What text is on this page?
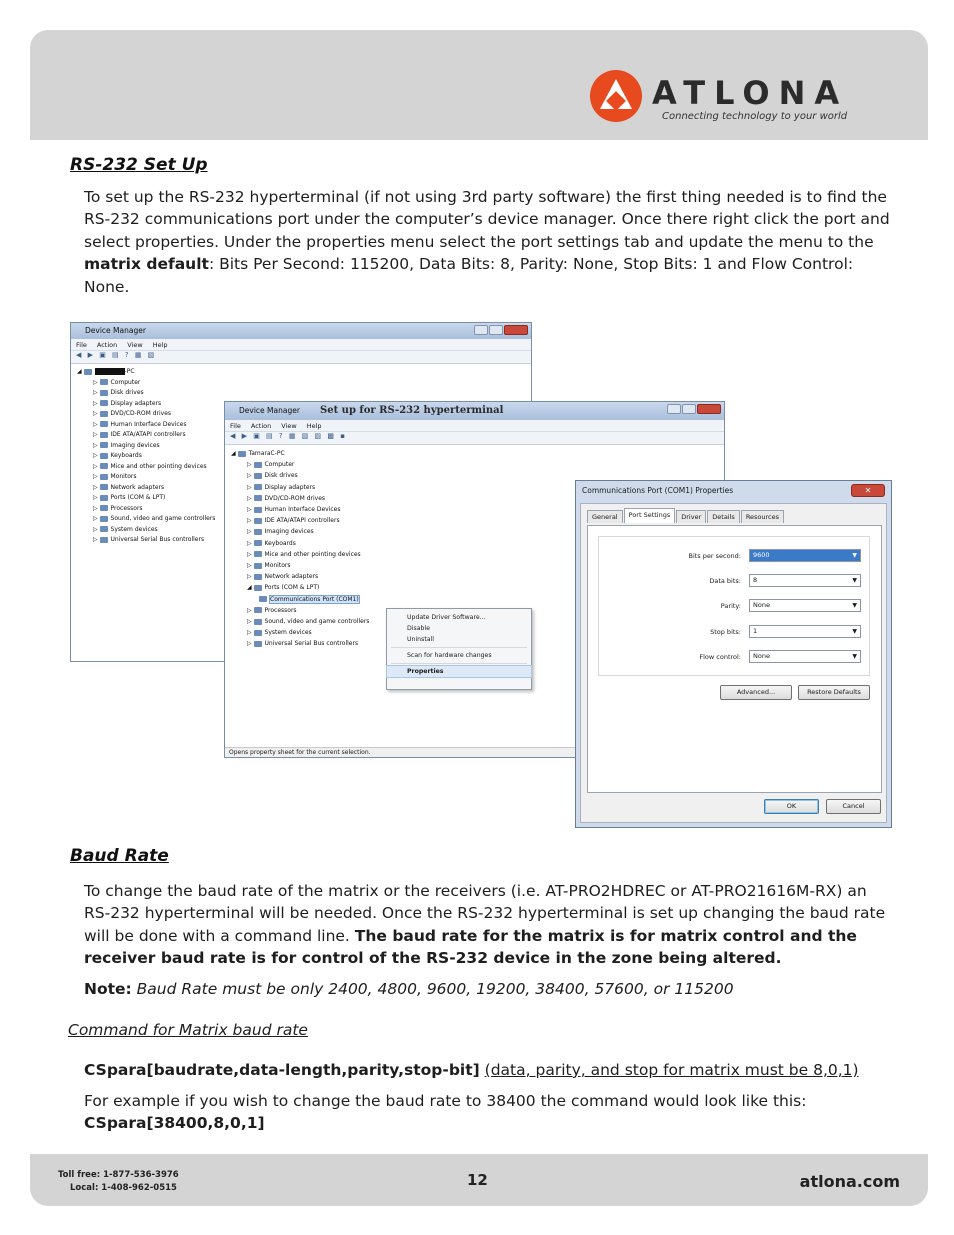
ATLONA
Connecting technology to your world
RS-232 Set Up
To set up the RS-232 hyperterminal (if not using 3rd party software) the first thing needed is to find the RS-232 communications port under the computer’s device manager. Once there right click the port and select properties. Under the properties menu select the port settings tab and update the menu to the matrix default: Bits Per Second: 115200, Data Bits: 8, Parity: None, Stop Bits: 1 and Flow Control: None.
Device Manager
File Action View Help
◀ ▶ ▣ ▤ ? ▦ ▧
◢	-PC
▷ Computer
▷ Disk drives
▷ Display adapters
▷ DVD/CD-ROM drives
▷ Human Interface Devices
▷ IDE ATA/ATAPI controllers
▷ Imaging devices
▷ Keyboards
▷ Mice and other pointing devices
▷ Monitors
▷ Network adapters
▷ Ports (COM & LPT)
▷ Processors
▷ Sound, video and game controllers
▷ System devices
▷ Universal Serial Bus controllers
Device Manager Set up for RS-232 hyperterminal
File Action View Help
◀ ▶ ▣ ▤ ? ▦ ▧ ▨ ▩ ▪
◢ TamaraC-PC
▷ Computer
▷ Disk drives
▷ Display adapters
▷ DVD/CD-ROM drives
▷ Human Interface Devices
▷ IDE ATA/ATAPI controllers
▷ Imaging devices
▷ Keyboards
▷ Mice and other pointing devices
▷ Monitors
▷ Network adapters
◢ Ports (COM & LPT)
Communications Port (COM1)
▷ Processors
▷ Sound, video and game controllers
▷ System devices
▷ Universal Serial Bus controllers
Opens property sheet for the current selection.
Update Driver Software...
Disable
Uninstall
Scan for hardware changes
Properties
Communications Port (COM1) Properties	✕
General	Port Settings	Driver	Details	Resources
Bits per second:	9600	▼
Data bits:	8	▼
Parity:	None	▼
Stop bits:	1	▼
Flow control:	None	▼
Advanced...	Restore Defaults
OK	Cancel
Baud Rate
To change the baud rate of the matrix or the receivers (i.e. AT-PRO2HDREC or AT-PRO21616M-RX) an RS-232 hyperterminal will be needed. Once the RS-232 hyperterminal is set up changing the baud rate will be done with a command line. The baud rate for the matrix is for matrix control and the receiver baud rate is for control of the RS-232 device in the zone being altered.
Note: Baud Rate must be only 2400, 4800, 9600, 19200, 38400, 57600, or 115200
Command for Matrix baud rate
CSpara[baudrate,data-length,parity,stop-bit] (data, parity, and stop for matrix must be 8,0,1)
For example if you wish to change the baud rate to 38400 the command would look like this:
CSpara[38400,8,0,1]
Toll free: 1-877-536-3976
Local: 1-408-962-0515	12	atlona.com
